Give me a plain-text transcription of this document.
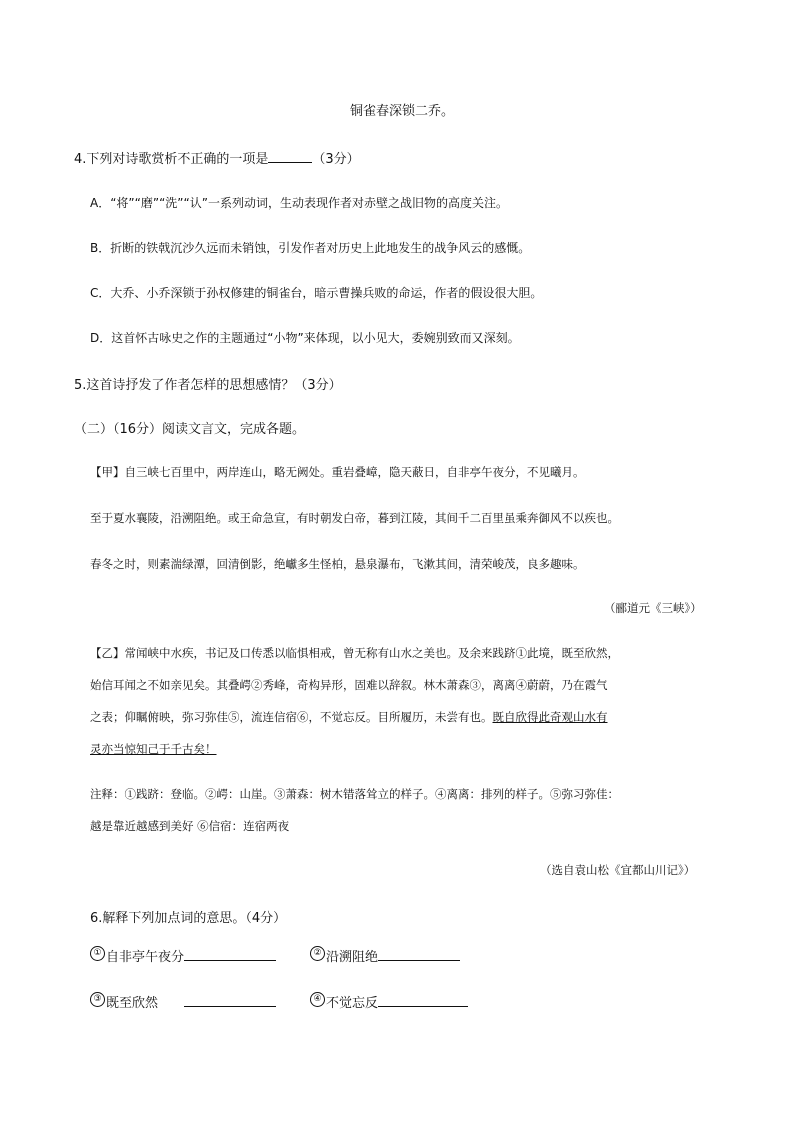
铜雀春深锁二乔。
4.下列对诗歌赏析不正确的一项是	（3分）
A．“将”“磨”“洗”“认”一系列动词，生动表现作者对赤壁之战旧物的高度关注。
B．折断的铁戟沉沙久远而未销蚀，引发作者对历史上此地发生的战争风云的感慨。
C．大乔、小乔深锁于孙权修建的铜雀台，暗示曹操兵败的命运，作者的假设很大胆。
D．这首怀古咏史之作的主题通过“小物”来体现，以小见大，委婉别致而又深刻。
5.这首诗抒发了作者怎样的思想感情？（3分）
（二）（16分）阅读文言文，完成各题。
【甲】自三峡七百里中，两岸连山，略无阙处。重岩叠嶂，隐天蔽日，自非亭午夜分，不见曦月。
至于夏水襄陵，沿溯阻绝。或王命急宣，有时朝发白帝，暮到江陵，其间千二百里虽乘奔御风不以疾也。
春冬之时，则素湍绿潭，回清倒影，绝巘多生怪柏，悬泉瀑布，飞漱其间，清荣峻茂，良多趣味。
（郦道元《三峡》）
【乙】常闻峡中水疾，书记及口传悉以临惧相戒，曾无称有山水之美也。及余来践跻①此境，既至欣然，
始信耳闻之不如亲见矣。其叠崿②秀峰，奇构异形，固难以辞叙。林木萧森③，离离④蔚蔚，乃在霞气
之表；仰瞩俯映，弥习弥佳⑤，流连信宿⑥，不觉忘反。目所履历，未尝有也。既自欣得此奇观山水有
灵亦当惊知己于千古矣！
注释：①践跻：登临。②崿：山崖。③萧森：树木错落耸立的样子。④离离：排列的样子。⑤弥习弥佳：
越是靠近越感到美好 ⑥信宿：连宿两夜
（选自袁山松《宜都山川记》）
6.解释下列加点词的意思。（4分）
① 自非亭午夜分	② 沿溯阻绝
③ 既至欣然	④ 不觉忘反
